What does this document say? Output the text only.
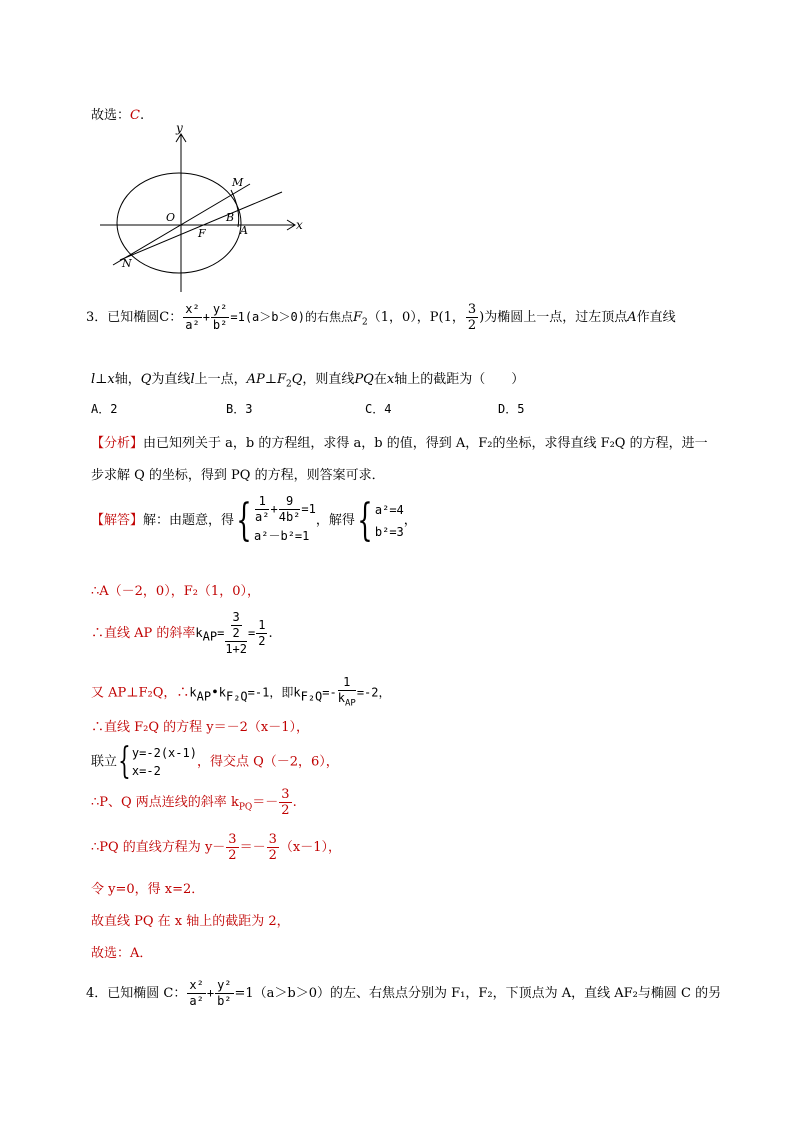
故选：C.
y
x
M
O	B
F	A
N
3．已知椭圆C： $\frac{\text{x²}}{\text{a²}} + \frac{\text{y²}}{\text{b²}} =1(a>b>0)$的右焦点$F_2(1$，0），P(1， $\frac{3}{2}$ )为椭圆上一点，过左顶点A作直线
l⊥x轴，Q为直线l上一点，$AP\perp F_2Q$，则直线PQ在x轴上的截距为（　　）
A．2	B．3	C．4	D．5
【分析】由已知列关于 a，b 的方程组，求得 a，b 的值，得到 A，F₂的坐标，求得直线 F₂Q 的方程，进一
步求解 Q 的坐标，得到 PQ 的方程，则答案可求．
【解答】解：由题意，得{ $\frac{1}{\text{a²}} + \frac{9}{\text{4b²}} =1$
a²－b²=1
，解得{ a²=4
b²=3
，
∴A（－2，0），F₂（1，0），
∴直线 AP 的斜率$k_{AP}= \frac{\frac{3}{2}}{1+2} = \frac{1}{2}$ .
又 AP⊥F₂Q，$\therefore k_{AP}•k_{F_2Q}=-1$，即$k_{F_2Q}=- \frac{1}{k_{AP}} =-2$，
∴直线 F₂Q 的方程 y＝－2（x－1），
联立{ y=-2(x-1)
x=-2
，得交点 Q（－2，6），
∴P、Q 两点连线的斜率 $k_{PQ}=- \frac{3}{2}$ .
∴PQ 的直线方程为 $y- \frac{3}{2} =- \frac{3}{2} (x-1)$，
令 y=0，得 x=2．
故直线 PQ 在 x 轴上的截距为 2，
故选：A．
4．已知椭圆 C： $\frac{\text{x²}}{\text{a²}} + \frac{\text{y²}}{\text{b²}} =1(a>b>0)$的左、右焦点分别为 F₁，F₂，下顶点为 A，直线 AF₂与椭圆 C 的另
